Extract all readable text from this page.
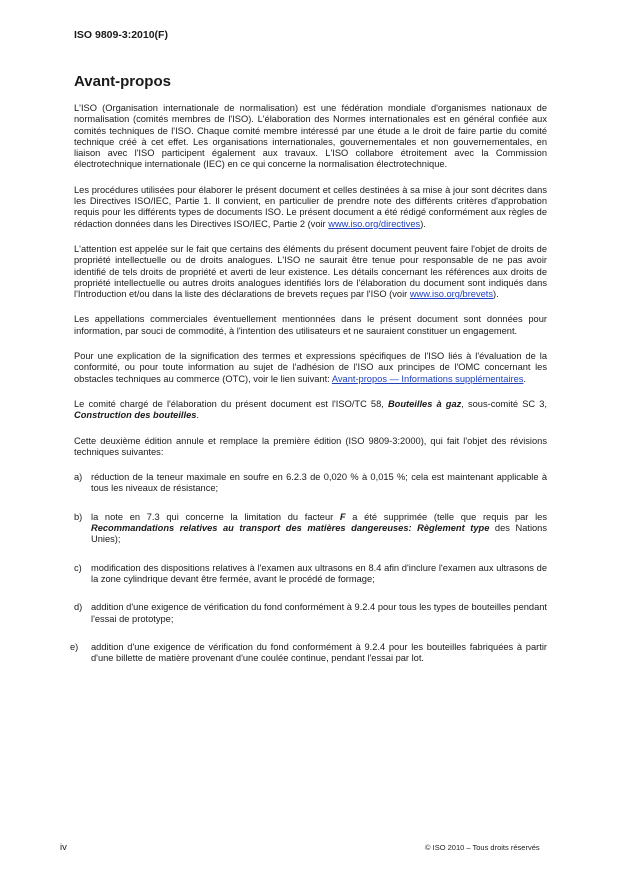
ISO 9809-3:2010(F)
Avant-propos

L'ISO (Organisation internationale de normalisation) est une fédération mondiale d'organismes nationaux de normalisation (comités membres de l'ISO). L'élaboration des Normes internationales est en général confiée aux comités techniques de l'ISO. Chaque comité membre intéressé par une étude a le droit de faire partie du comité technique créé à cet effet. Les organisations internationales, gouvernementales et non gouvernementales, en liaison avec l'ISO participent également aux travaux. L'ISO collabore étroitement avec la Commission électrotechnique internationale (IEC) en ce qui concerne la normalisation électrotechnique.

Les procédures utilisées pour élaborer le présent document et celles destinées à sa mise à jour sont décrites dans les Directives ISO/IEC, Partie 1. Il convient, en particulier de prendre note des différents critères d'approbation requis pour les différents types de documents ISO. Le présent document a été rédigé conformément aux règles de rédaction données dans les Directives ISO/IEC, Partie 2 (voir www.iso.org/directives).

L'attention est appelée sur le fait que certains des éléments du présent document peuvent faire l'objet de droits de propriété intellectuelle ou de droits analogues. L'ISO ne saurait être tenue pour responsable de ne pas avoir identifié de tels droits de propriété et averti de leur existence. Les détails concernant les références aux droits de propriété intellectuelle ou autres droits analogues identifiés lors de l'élaboration du document sont indiqués dans l'Introduction et/ou dans la liste des déclarations de brevets reçues par l'ISO (voir www.iso.org/brevets).

Les appellations commerciales éventuellement mentionnées dans le présent document sont données pour information, par souci de commodité, à l'intention des utilisateurs et ne sauraient constituer un engagement.

Pour une explication de la signification des termes et expressions spécifiques de l'ISO liés à l'évaluation de la conformité, ou pour toute information au sujet de l'adhésion de l'ISO aux principes de l'OMC concernant les obstacles techniques au commerce (OTC), voir le lien suivant: Avant-propos — Informations supplémentaires.

Le comité chargé de l'élaboration du présent document est l'ISO/TC 58, Bouteilles à gaz, sous-comité SC 3, Construction des bouteilles.

Cette deuxième édition annule et remplace la première édition (ISO 9809-3:2000), qui fait l'objet des révisions techniques suivantes:

a) réduction de la teneur maximale en soufre en 6.2.3 de 0,020 % à 0,015 %; cela est maintenant applicable à tous les niveaux de résistance;
b) la note en 7.3 qui concerne la limitation du facteur F a été supprimée (telle que requis par les Recommandations relatives au transport des matières dangereuses: Règlement type des Nations Unies);
c) modification des dispositions relatives à l'examen aux ultrasons en 8.4 afin d'inclure l'examen aux ultrasons de la zone cylindrique devant être fermée, avant le procédé de formage;
d) addition d'une exigence de vérification du fond conformément à 9.2.4 pour tous les types de bouteilles pendant l'essai de prototype;
e) addition d'une exigence de vérification du fond conformément à 9.2.4 pour les bouteilles fabriquées à partir d'une billette de matière provenant d'une coulée continue, pendant l'essai par lot.
iv	© ISO 2010 – Tous droits réservés
